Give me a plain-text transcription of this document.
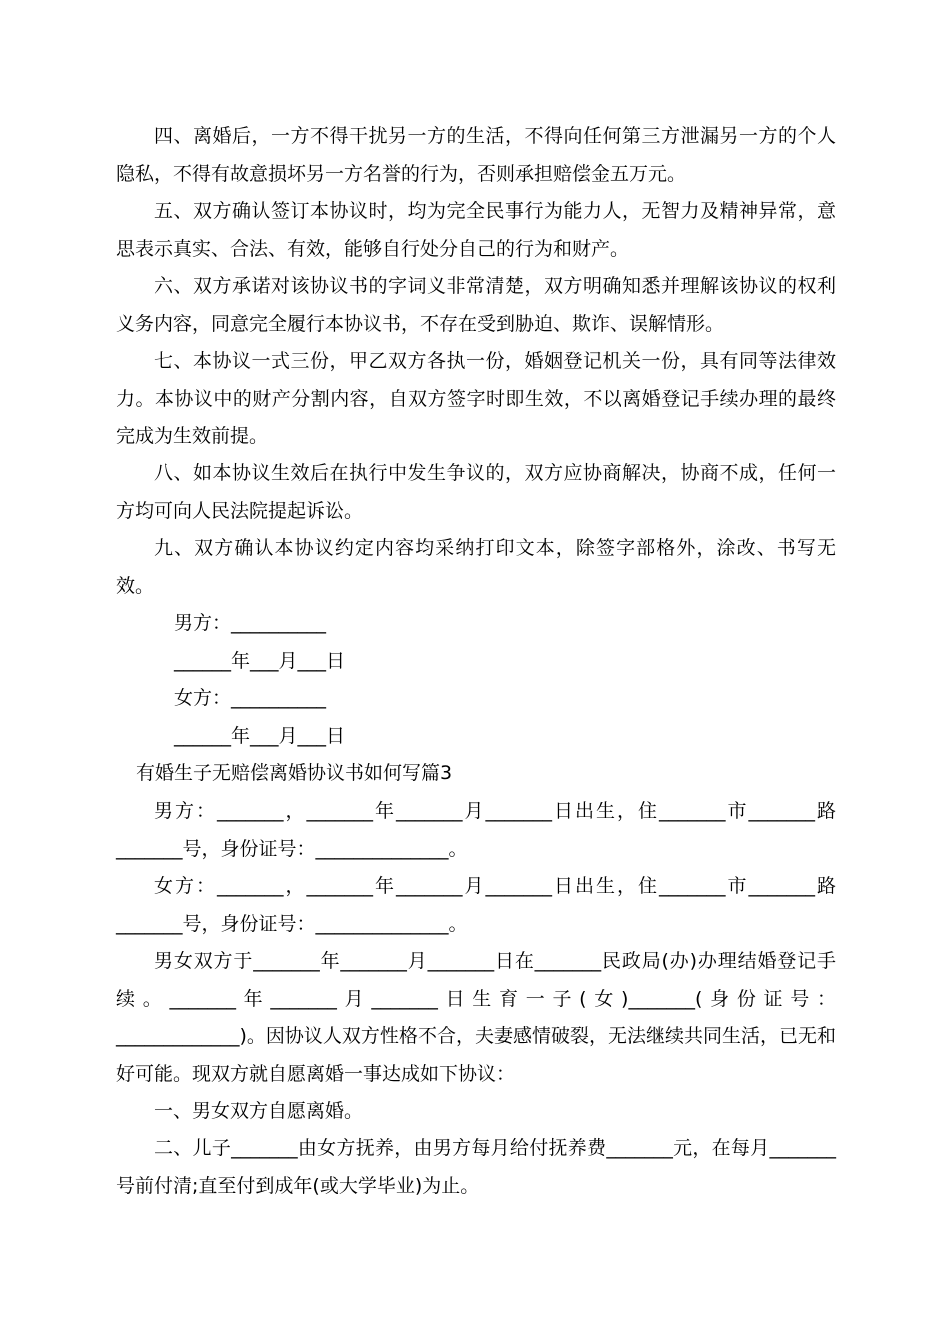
四、离婚后，一方不得干扰另一方的生活，不得向任何第三方泄漏另一方的个人隐私，不得有故意损坏另一方名誉的行为，否则承担赔偿金五万元。

五、双方确认签订本协议时，均为完全民事行为能力人，无智力及精神异常，意思表示真实、合法、有效，能够自行处分自己的行为和财产。

六、双方承诺对该协议书的字词义非常清楚，双方明确知悉并理解该协议的权利义务内容，同意完全履行本协议书，不存在受到胁迫、欺诈、误解情形。

七、本协议一式三份，甲乙双方各执一份，婚姻登记机关一份，具有同等法律效力。本协议中的财产分割内容，自双方签字时即生效，不以离婚登记手续办理的最终完成为生效前提。

八、如本协议生效后在执行中发生争议的，双方应协商解决，协商不成，任何一方均可向人民法院提起诉讼。

九、双方确认本协议约定内容均采纳打印文本，除签字部格外，涂改、书写无效。

男方：__________

______年___月___日

女方：__________

______年___月___日

有婚生子无赔偿离婚协议书如何写篇3

男方：_______，_______年_______月_______日出生，住_______市_______路_______号，身份证号：______________。

女方：_______，_______年_______月_______日出生，住_______市_______路_______号，身份证号：______________。

男女双方于_______年_______月_______日在_______民政局(办)办理结婚登记手续。_______年_______月_______日生育一子(女)_______(身份证号：_____________)。因协议人双方性格不合，夫妻感情破裂，无法继续共同生活，已无和好可能。现双方就自愿离婚一事达成如下协议：

一、男女双方自愿离婚。

二、儿子_______由女方抚养，由男方每月给付抚养费_______元，在每月_______号前付清;直至付到成年(或大学毕业)为止。
